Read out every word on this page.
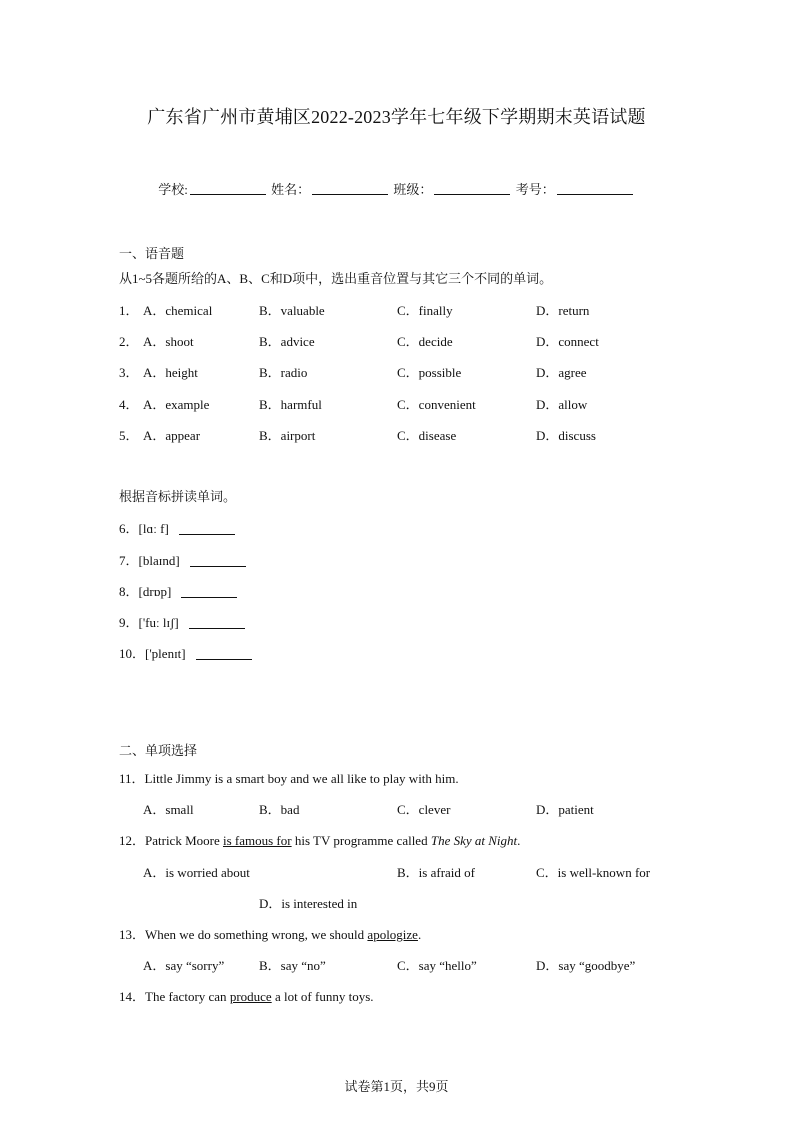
广东省广州市黄埔区2022-2023学年七年级下学期期末英语试题
学校:	姓名：	班级：	考号：
一、语音题
从1~5各题所给的A、B、C和D项中，选出重音位置与其它三个不同的单词。
1． A．chemical	B．valuable	C．finally	D．return
2． A．shoot	B．advice	C．decide	D．connect
3． A．height	B．radio	C．possible	D．agree
4． A．example	B．harmful	C．convenient	D．allow
5． A．appear	B．airport	C．disease	D．discuss
根据音标拼读单词。
6．[lɑː f]
7．[blaɪnd]
8．[drɒp]
9．['fuː lɪʃ]
10．['plenɪt]
二、单项选择
11．Little Jimmy is a smart boy and we all like to play with him.
A．small	B．bad	C．clever	D．patient
12．Patrick Moore is famous for his TV programme called The Sky at Night.
A．is worried about	B．is afraid of	C．is well-known for
D．is interested in
13．When we do something wrong, we should apologize.
A．say “sorry”	B．say “no”	C．say “hello”	D．say “goodbye”
14．The factory can produce a lot of funny toys.
试卷第1页，共9页
